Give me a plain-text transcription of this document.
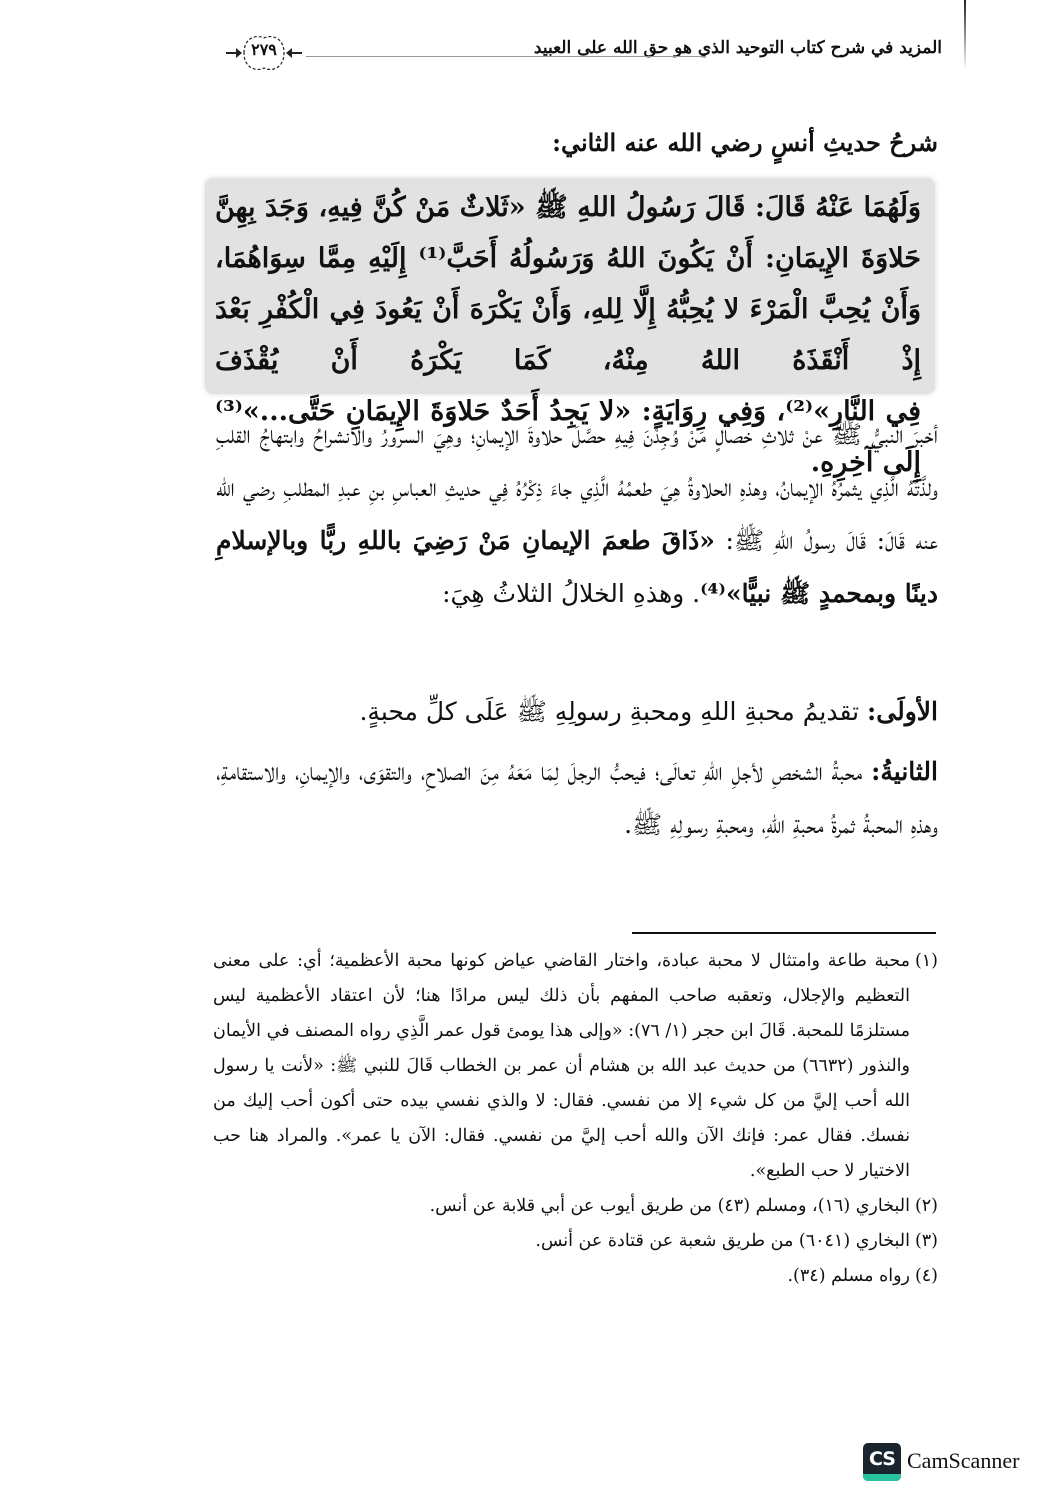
المزيد في شرح كتاب التوحيد الذي هو حق الله على العبيد
٢٧٩
شرحُ حديثِ أنسٍ رضي الله عنه الثاني:
وَلَهُمَا عَنْهُ قَالَ: قَالَ رَسُولُ اللهِ ﷺ «ثَلاثٌ مَنْ كُنَّ فِيهِ، وَجَدَ بِهِنَّ حَلاوَةَ الإِيمَانِ: أَنْ يَكُونَ اللهُ وَرَسُولُهُ أَحَبَّ⁽¹⁾ إِلَيْهِ مِمَّا سِوَاهُمَا، وَأَنْ يُحِبَّ الْمَرْءَ لا يُحِبُّهُ إِلَّا لِلهِ، وَأَنْ يَكْرَهَ أَنْ يَعُودَ فِي الْكُفْرِ بَعْدَ إِذْ أَنْقَذَهُ اللهُ مِنْهُ، كَمَا يَكْرَهُ أَنْ يُقْذَفَ
فِي النَّارِ»⁽²⁾، وَفِي رِوَايَةٍ: «لا يَجِدُ أَحَدٌ حَلاوَةَ الإِيمَانِ حَتَّى...»⁽³⁾ إِلَى آخِرِهِ.
أخبرَ النبيُّ ﷺ عنْ ثلاثِ خصالٍ مَنْ وُجِدْنَ فِيهِ حصَّلَ حلاوةَ الإيمانِ؛ وهِيَ السرورُ والانشراحُ وابتهاجُ القلبِ ولذَّتُهُ الَّذِي يثمرُهُ الإيمانُ، وهذهِ الحلاوةُ هِيَ طعمُهُ الَّذِي جاءَ ذِكْرُهُ فِي حديثِ العباسِ بنِ عبدِ المطلبِ رضي الله عنه قَالَ: قَالَ رسولُ اللهِ ﷺ: «ذَاقَ طعمَ الإيمانِ مَنْ رَضِيَ باللهِ ربًّا وبالإسلامِ دينًا وبمحمدٍ ﷺ نبيًّا»⁽⁴⁾. وهذهِ الخلالُ الثلاثُ هِيَ:
الأولَى: تقديمُ محبةِ اللهِ ومحبةِ رسولِهِ ﷺ عَلَى كلِّ محبةٍ.
الثانيةُ: محبةُ الشخصِ لأجلِ اللهِ تعالَى؛ فيحبُّ الرجلَ لِمَا مَعَهُ مِنَ الصلاحِ، والتقوَى، والإيمانِ، والاستقامةِ، وهذهِ المحبةُ ثمرةُ محبةِ اللهِ، ومحبةِ رسولِهِ ﷺ.
(١)
محبة طاعة وامتثال لا محبة عبادة، واختار القاضي عياض كونها محبة الأعظمية؛ أي: على معنى التعظيم والإجلال، وتعقبه صاحب المفهم بأن ذلك ليس مرادًا هنا؛ لأن اعتقاد الأعظمية ليس مستلزمًا للمحبة. قَالَ ابن حجر (١/ ٧٦): «وإلى هذا يومئ قول عمر الَّذِي رواه المصنف في الأيمان والنذور (٦٦٣٢) من حديث عبد الله بن هشام أن عمر بن الخطاب قَالَ للنبي ﷺ: «لأنت يا رسول الله أحب إليَّ من كل شيء إلا من نفسي. فقال: لا والذي نفسي بيده حتى أكون أحب إليك من نفسك. فقال عمر: فإنك الآن والله أحب إليَّ من نفسي. فقال: الآن يا عمر». والمراد هنا حب الاختيار لا حب الطبع».
(٢)
البخاري (١٦)، ومسلم (٤٣) من طريق أيوب عن أبي قلابة عن أنس.
(٣)
البخاري (٦٠٤١) من طريق شعبة عن قتادة عن أنس.
(٤)
رواه مسلم (٣٤).
CS CamScanner
